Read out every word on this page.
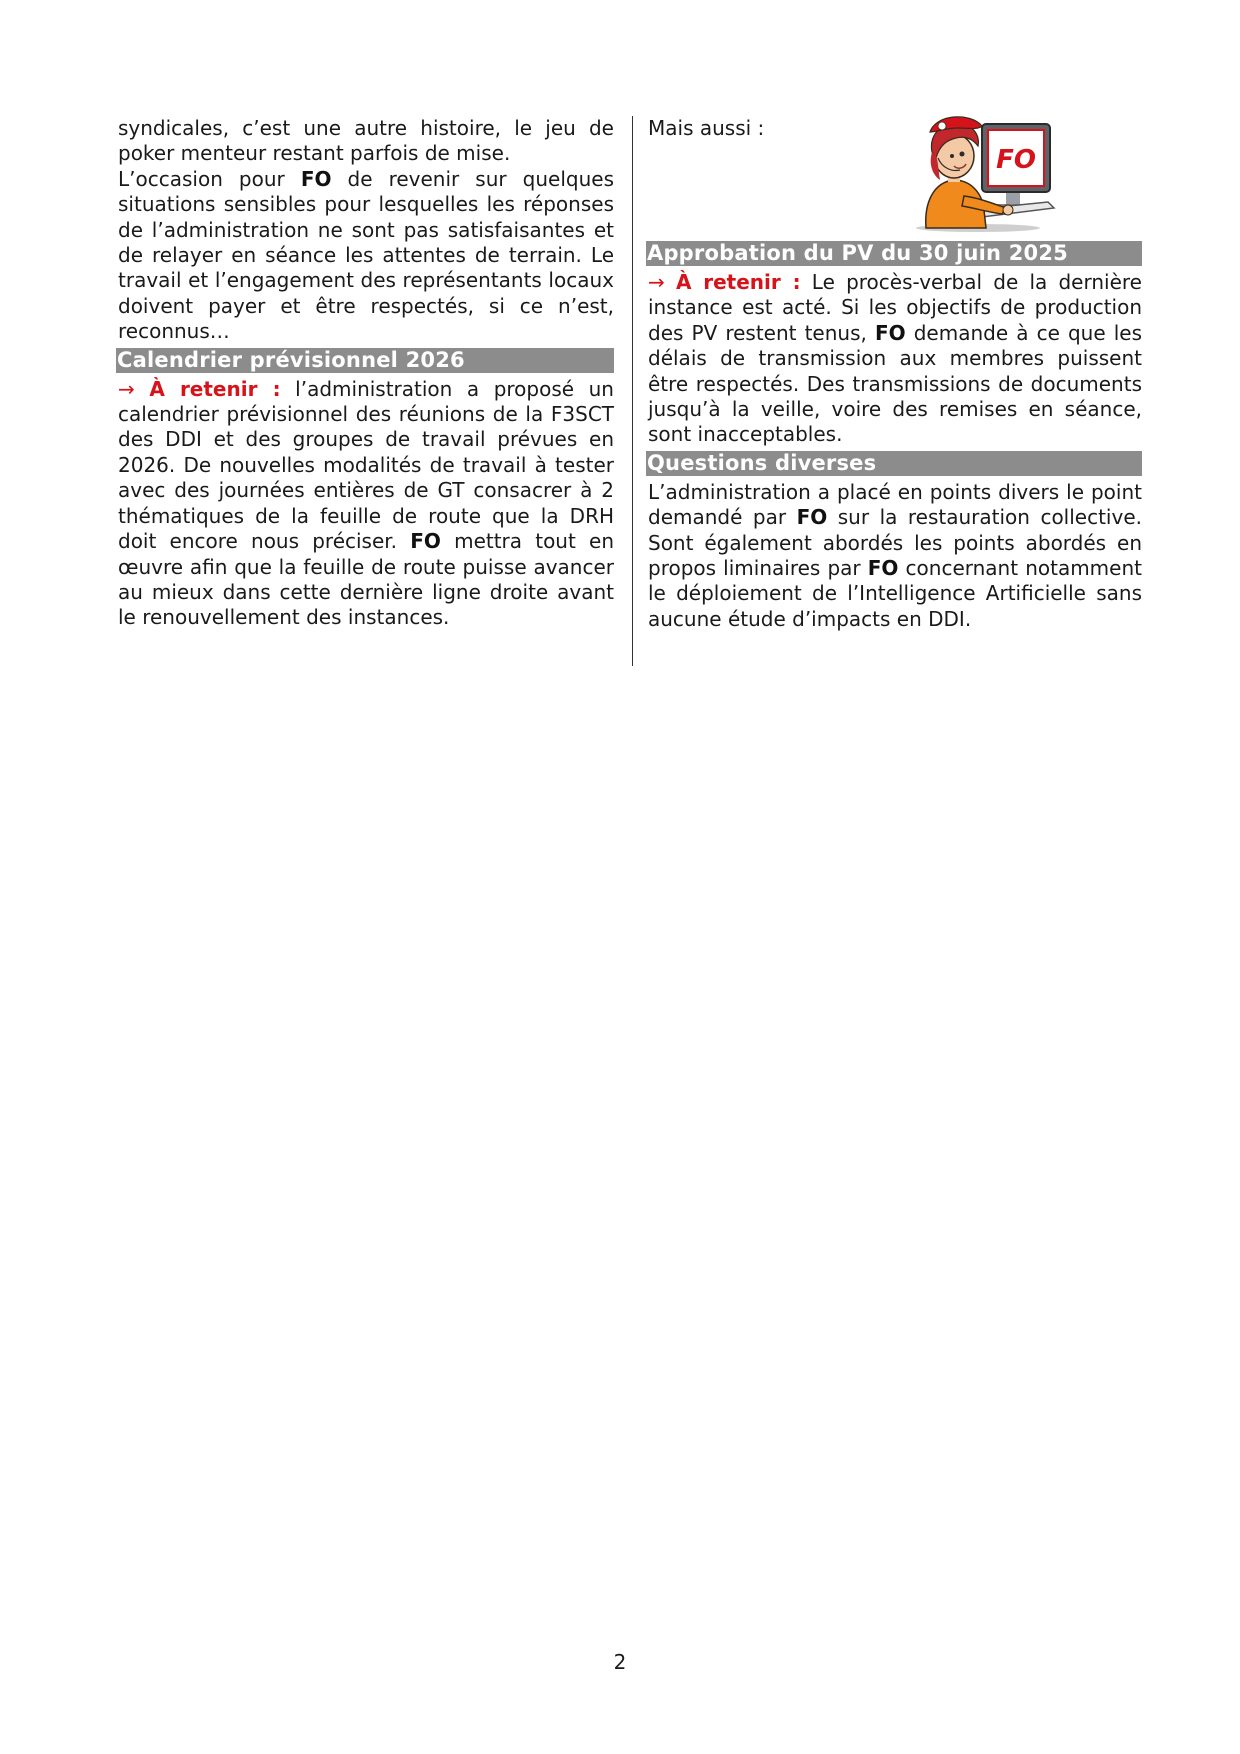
syndicales, c’est une autre histoire, le jeu de poker menteur restant parfois de mise.

L’occasion pour FO de revenir sur quelques situations sensibles pour lesquelles les réponses de l’administration ne sont pas satisfaisantes et de relayer en séance les attentes de terrain. Le travail et l’engagement des représentants locaux doivent payer et être respectés, si ce n’est, reconnus…

Calendrier prévisionnel 2026

→ À retenir : l’administration a proposé un calendrier prévisionnel des réunions de la F3SCT des DDI et des groupes de travail prévues en 2026. De nouvelles modalités de travail à tester avec des journées entières de GT consacrer à 2 thématiques de la feuille de route que la DRH doit encore nous préciser. FO mettra tout en œuvre afin que la feuille de route puisse avancer au mieux dans cette dernière ligne droite avant le renouvellement des instances.

Mais aussi :
FO
Approbation du PV du 30 juin 2025

→ À retenir : Le procès-verbal de la dernière instance est acté. Si les objectifs de production des PV restent tenus, FO demande à ce que les délais de transmission aux membres puissent être respectés. Des transmissions de documents jusqu’à la veille, voire des remises en séance, sont inacceptables.

Questions diverses

L’administration a placé en points divers le point demandé par FO sur la restauration collective. Sont également abordés les points abordés en propos liminaires par FO concernant notamment le déploiement de l’Intelligence Artificielle sans aucune étude d’impacts en DDI.

2
